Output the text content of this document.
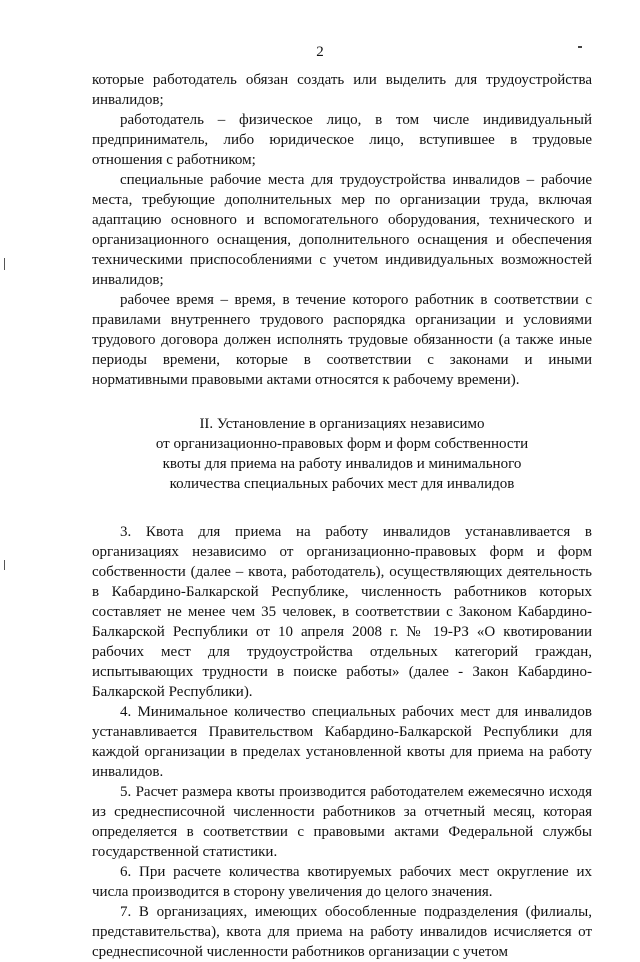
2

которые работодатель обязан создать или выделить для трудоустройства инвалидов;

работодатель – физическое лицо, в том числе индивидуальный предприниматель, либо юридическое лицо, вступившее в трудовые отношения с работником;

специальные рабочие места для трудоустройства инвалидов – рабочие места, требующие дополнительных мер по организации труда, включая адаптацию основного и вспомогательного оборудования, технического и организационного оснащения, дополнительного оснащения и обеспечения техническими приспособлениями с учетом индивидуальных возможностей инвалидов;

рабочее время – время, в течение которого работник в соответствии с правилами внутреннего трудового распорядка организации и условиями трудового договора должен исполнять трудовые обязанности (а также иные периоды времени, которые в соответствии с законами и иными нормативными правовыми актами относятся к рабочему времени).

II. Установление в организациях независимо
от организационно-правовых форм и форм собственности
квоты для приема на работу инвалидов и минимального
количества специальных рабочих мест для инвалидов

3. Квота для приема на работу инвалидов устанавливается в организациях независимо от организационно-правовых форм и форм собственности (далее – квота, работодатель), осуществляющих деятельность в Кабардино-Балкарской Республике, численность работников которых составляет не менее чем 35 человек, в соответствии с Законом Кабардино-Балкарской Республики от 10 апреля 2008 г. № 19-РЗ «О квотировании рабочих мест для трудоустройства отдельных категорий граждан, испытывающих трудности в поиске работы» (далее - Закон Кабардино-Балкарской Республики).

4. Минимальное количество специальных рабочих мест для инвалидов устанавливается Правительством Кабардино-Балкарской Республики для каждой организации в пределах установленной квоты для приема на работу инвалидов.

5. Расчет размера квоты производится работодателем ежемесячно исходя из среднесписочной численности работников за отчетный месяц, которая определяется в соответствии с правовыми актами Федеральной службы государственной статистики.

6. При расчете количества квотируемых рабочих мест округление их числа производится в сторону увеличения до целого значения.

7. В организациях, имеющих обособленные подразделения (филиалы, представительства), квота для приема на работу инвалидов исчисляется от среднесписочной численности работников организации с учетом
